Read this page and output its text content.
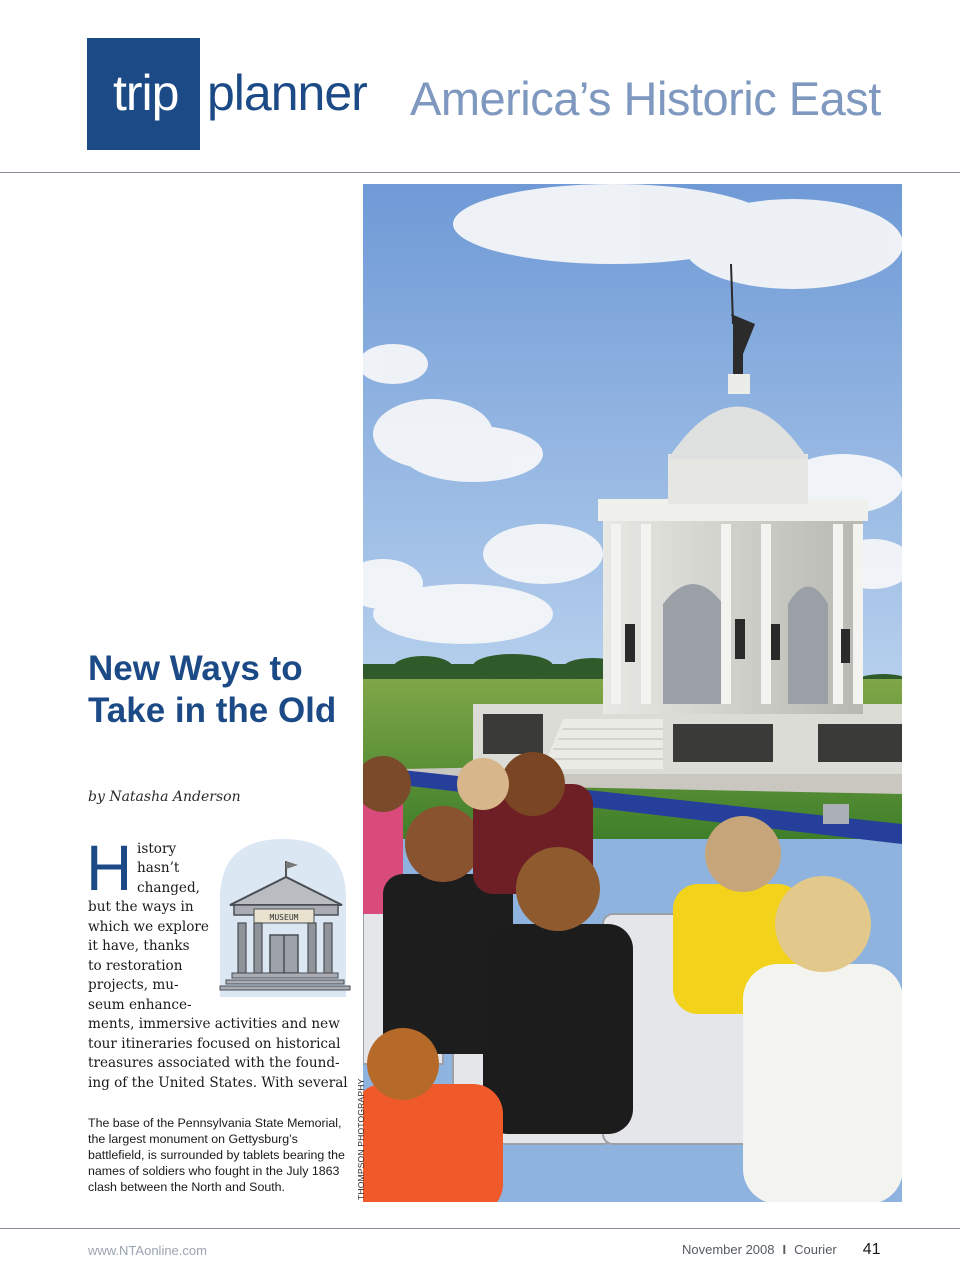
trip planner America’s Historic East
New Ways to Take in the Old
by Natasha Anderson
H istory
hasn’t
changed,
but the ways in
which we explore
it have, thanks
to restoration
projects, mu-
seum enhance-
ments, immersive activities and new
tour itineraries focused on historical
treasures associated with the found-
ing of the United States. With several
MUSEUM
The base of the Pennsylvania State Memorial, the largest monument on Gettysburg’s battlefield, is surrounded by tablets bearing the names of soldiers who fought in the July 1863 clash between the North and South.	THOMPSON PHOTOGRAPHY
www.NTAonline.com	November 2008 I Courier 41
